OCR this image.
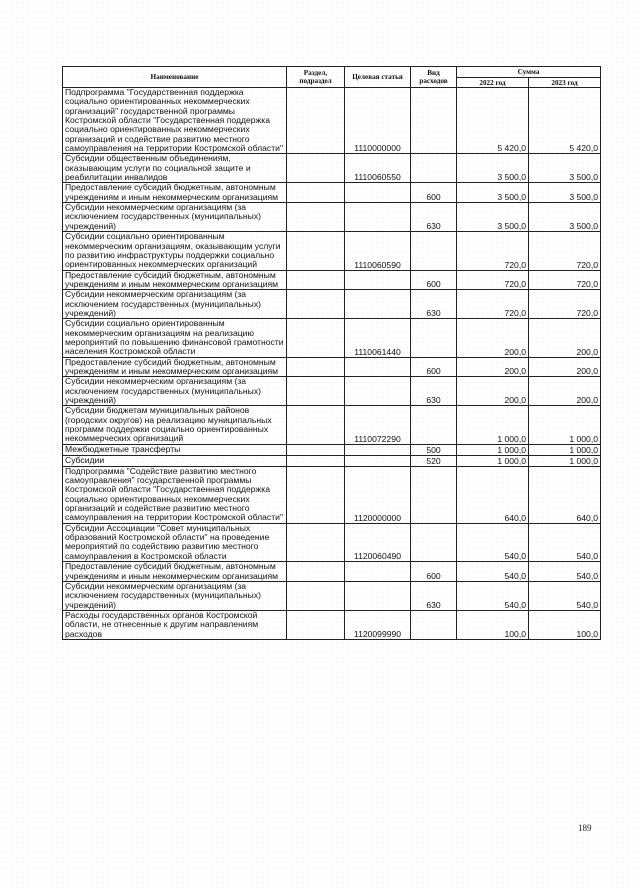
Наименование	Раздел, подраздел	Целевая статья	Вид расходов	Сумма	
				2022 год	2023 год
Подпрограмма "Государственная поддержка социально ориентированных некоммерческих организаций" государственной программы Костромской области "Государственная поддержка социально ориентированных некоммерческих организаций и содействие развитию местного самоуправления на территории Костромской области"		1110000000		5 420,0	5 420,0
Субсидии общественным объединениям, оказывающим услуги по социальной защите и реабилитации инвалидов		1110060550		3 500,0	3 500,0
Предоставление субсидий бюджетным, автономным учреждениям и иным некоммерческим организациям			600	3 500,0	3 500,0
Субсидии некоммерческим организациям (за исключением государственных (муниципальных) учреждений)			630	3 500,0	3 500,0
Субсидии социально ориентированным некоммерческим организациям, оказывающим услуги по развитию инфраструктуры поддержки социально ориентированных некоммерческих организаций		1110060590		720,0	720,0
Предоставление субсидий бюджетным, автономным учреждениям и иным некоммерческим организациям			600	720,0	720,0
Субсидии некоммерческим организациям (за исключением государственных (муниципальных) учреждений)			630	720,0	720,0
Субсидии социально ориентированным некоммерческим организациям на реализацию мероприятий по повышению финансовой грамотности населения Костромской области		1110061440		200,0	200,0
Предоставление субсидий бюджетным, автономным учреждениям и иным некоммерческим организациям			600	200,0	200,0
Субсидии некоммерческим организациям (за исключением государственных (муниципальных) учреждений)			630	200,0	200,0
Субсидии бюджетам муниципальных районов (городских округов) на реализацию муниципальных программ поддержки социально ориентированных некоммерческих организаций		1110072290		1 000,0	1 000,0
Межбюджетные трансферты			500	1 000,0	1 000,0
Субсидии			520	1 000,0	1 000,0
Подпрограмма "Содействие развитию местного самоуправления" государственной программы Костромской области "Государственная поддержка социально ориентированных некоммерческих организаций и содействие развитию местного самоуправления на территории Костромской области"		1120000000		640,0	640,0
Субсидии Ассоциации "Совет муниципальных образований Костромской области" на проведение мероприятий по содействию развитию местного самоуправления в Костромской области		1120060490		540,0	540,0
Предоставление субсидий бюджетным, автономным учреждениям и иным некоммерческим организациям			600	540,0	540,0
Субсидии некоммерческим организациям (за исключением государственных (муниципальных) учреждений)			630	540,0	540,0
Расходы государственных органов Костромской области, не отнесенные к другим направлениям расходов		1120099990		100,0	100,0
189
